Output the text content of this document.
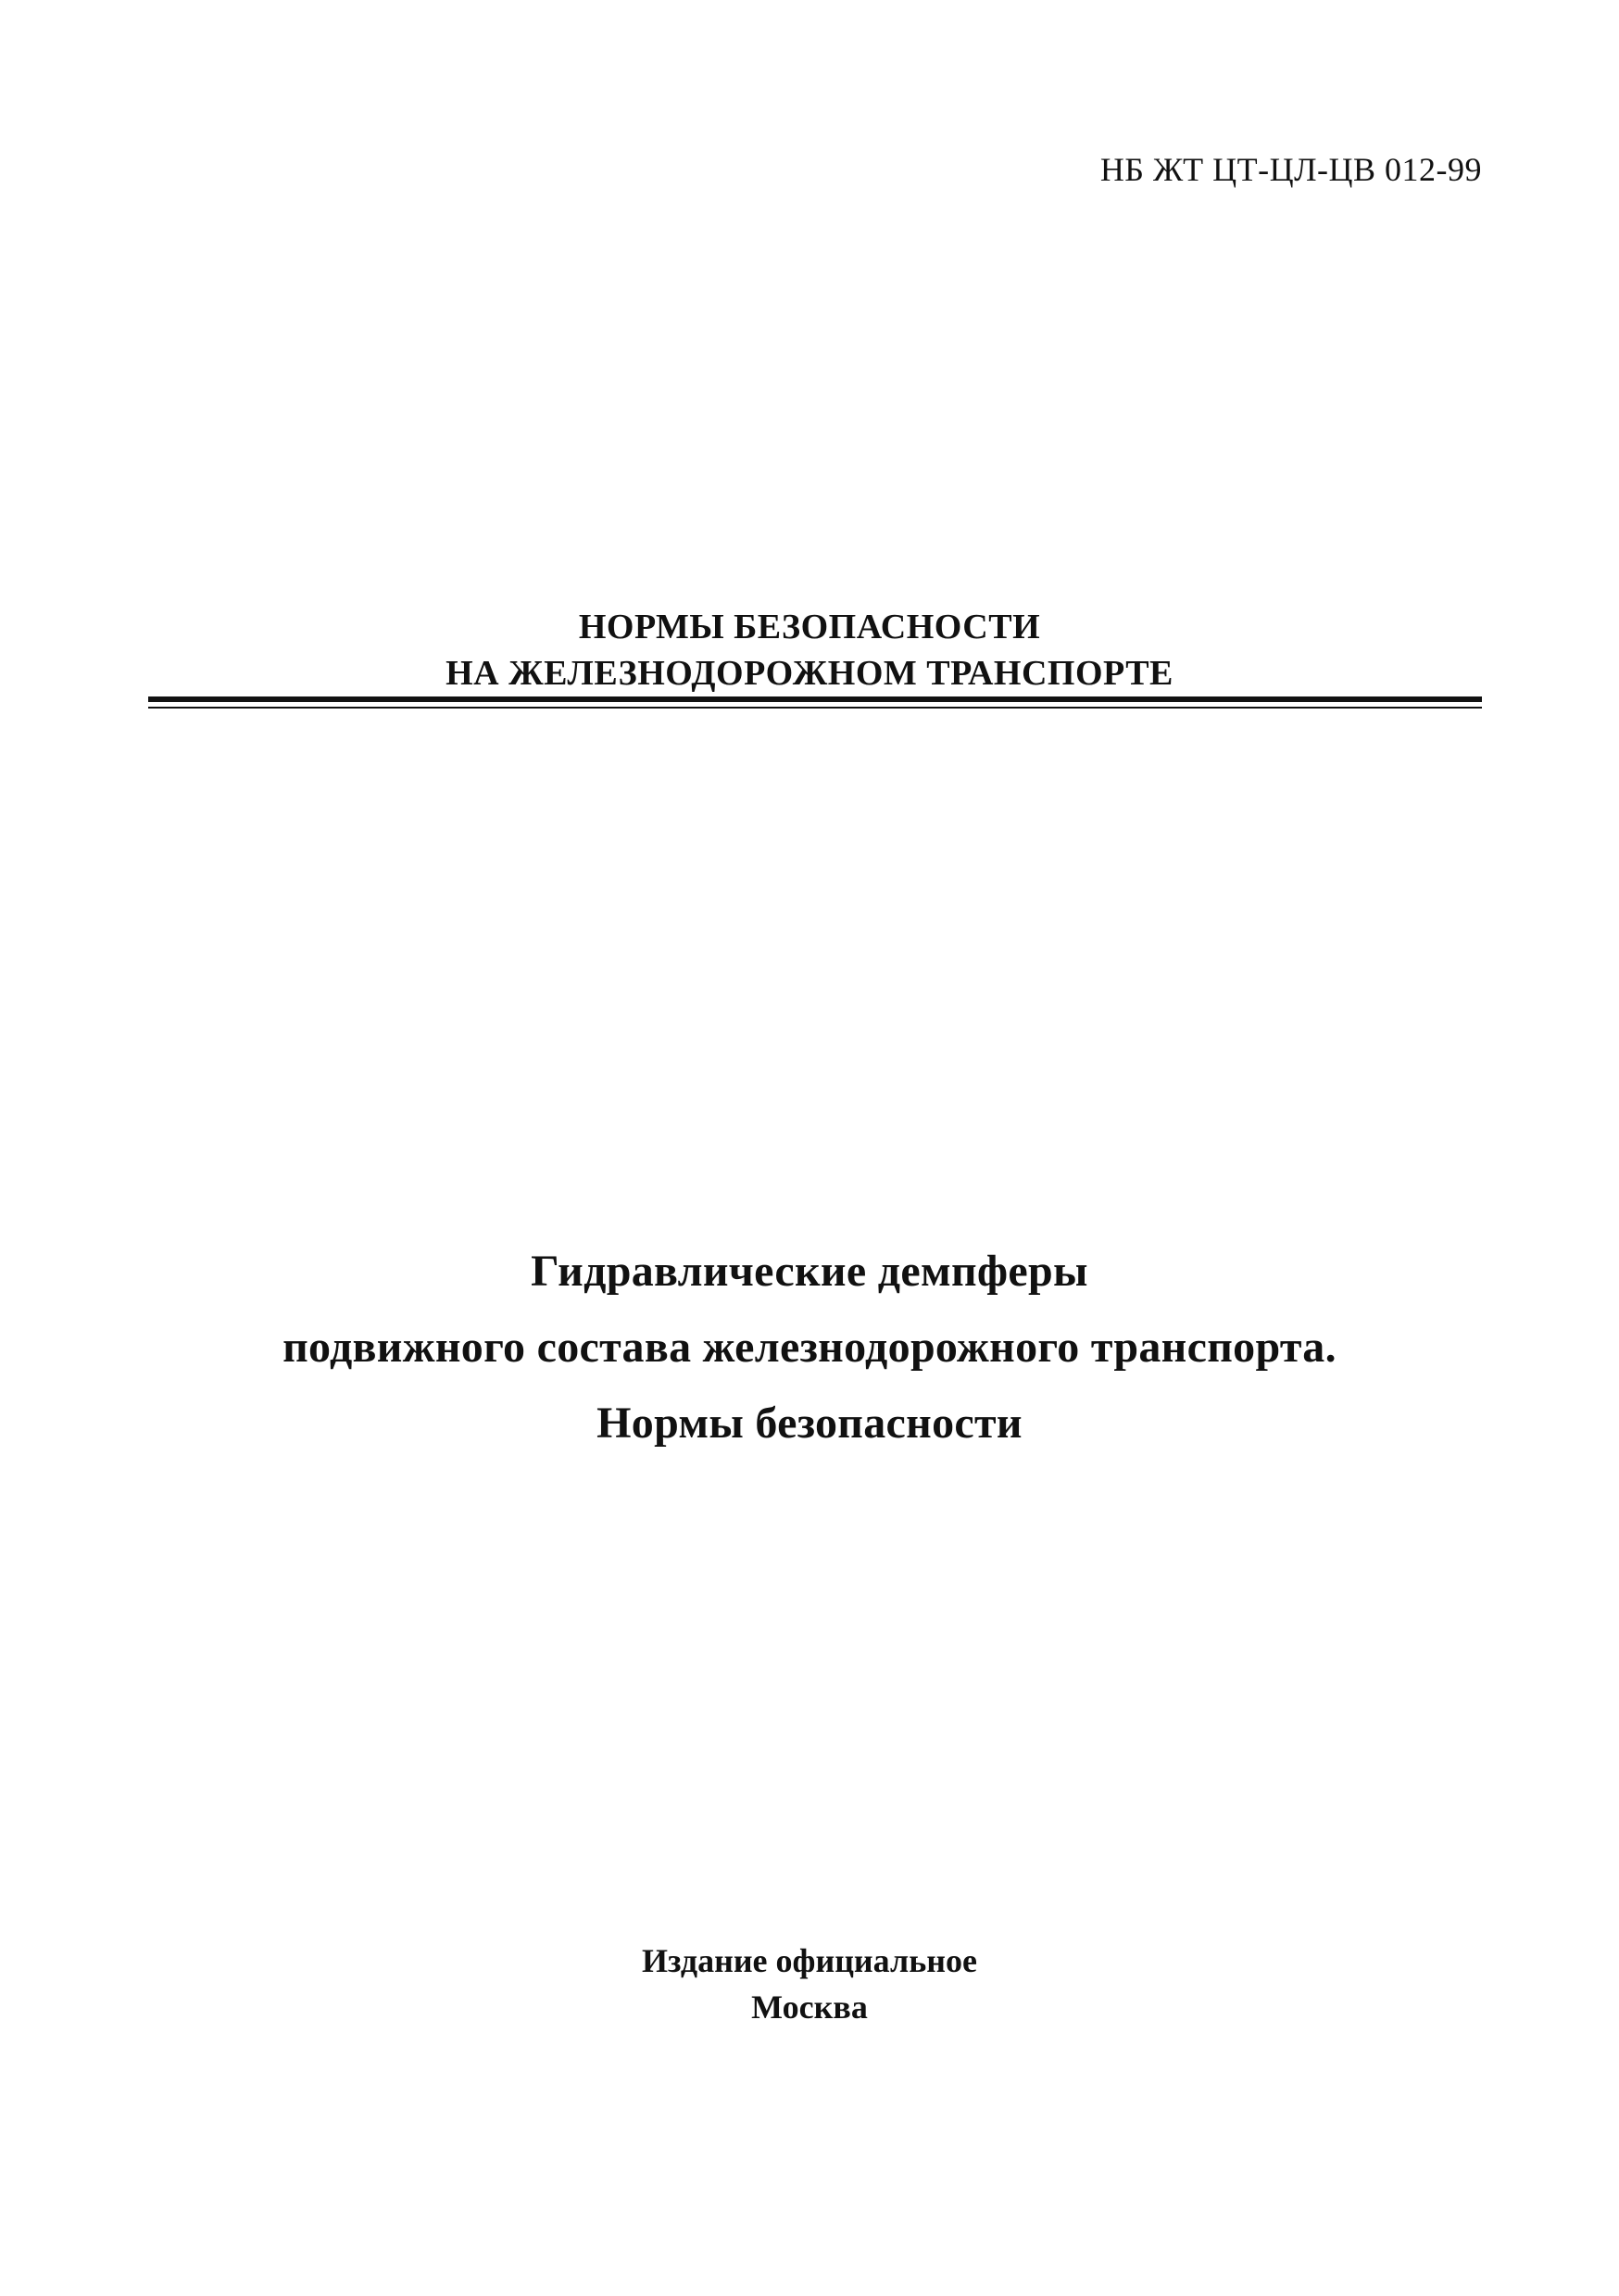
НБ ЖТ ЦТ-ЦЛ-ЦВ 012-99
НОРМЫ БЕЗОПАСНОСТИ
НА ЖЕЛЕЗНОДОРОЖНОМ ТРАНСПОРТЕ
Гидравлические демпферы
подвижного состава железнодорожного транспорта.
Нормы безопасности
Издание официальное
Москва
